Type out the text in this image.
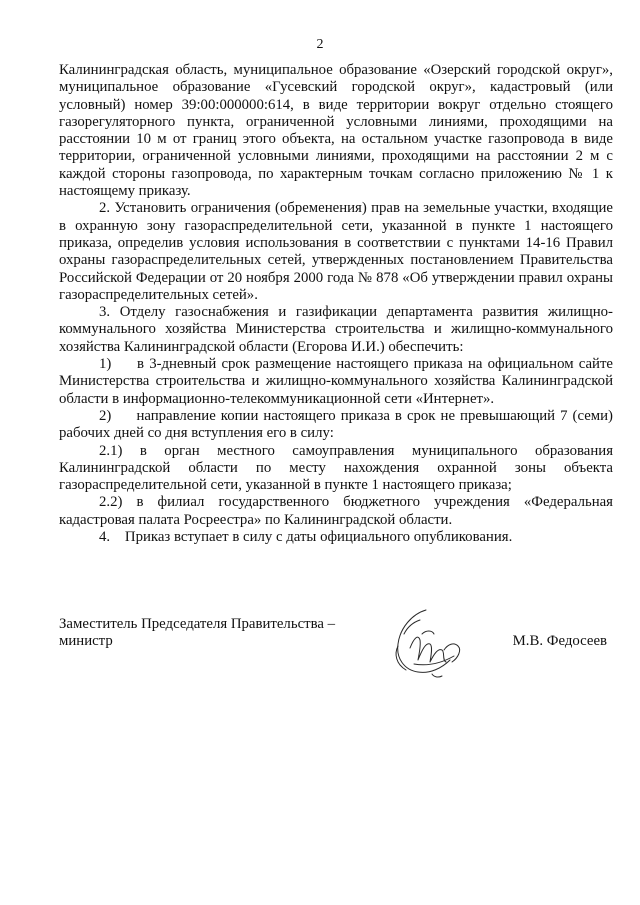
2

Калининградская область, муниципальное образование «Озерский городской округ», муниципальное образование «Гусевский городской округ», кадастровый (или условный) номер 39:00:000000:614, в виде территории вокруг отдельно стоящего газорегуляторного пункта, ограниченной условными линиями, проходящими на расстоянии 10 м от границ этого объекта, на остальном участке газопровода в виде территории, ограниченной условными линиями, проходящими на расстоянии 2 м с каждой стороны газопровода, по характерным точкам согласно приложению № 1 к настоящему приказу.

2. Установить ограничения (обременения) прав на земельные участки, входящие в охранную зону газораспределительной сети, указанной в пункте 1 настоящего приказа, определив условия использования в соответствии с пунктами 14-16 Правил охраны газораспределительных сетей, утвержденных постановлением Правительства Российской Федерации от 20 ноября 2000 года № 878 «Об утверждении правил охраны газораспределительных сетей».

3. Отделу газоснабжения и газификации департамента развития жилищно-коммунального хозяйства Министерства строительства и жилищно-коммунального хозяйства Калининградской области (Егорова И.И.) обеспечить:

1)     в 3-дневный срок размещение настоящего приказа на официальном сайте Министерства строительства и жилищно-коммунального хозяйства Калининградской области в информационно-телекоммуникационной сети «Интернет».

2)     направление копии настоящего приказа в срок не превышающий 7 (семи) рабочих дней со дня вступления его в силу:

2.1) в орган местного самоуправления муниципального образования Калининградской области по месту нахождения охранной зоны объекта газораспределительной сети, указанной в пункте 1 настоящего приказа;

2.2) в филиал государственного бюджетного учреждения «Федеральная кадастровая палата Росреестра» по Калининградской области.

4.    Приказ вступает в силу с даты официального опубликования.

Заместитель Председателя Правительства –
министр	М.В. Федосеев
